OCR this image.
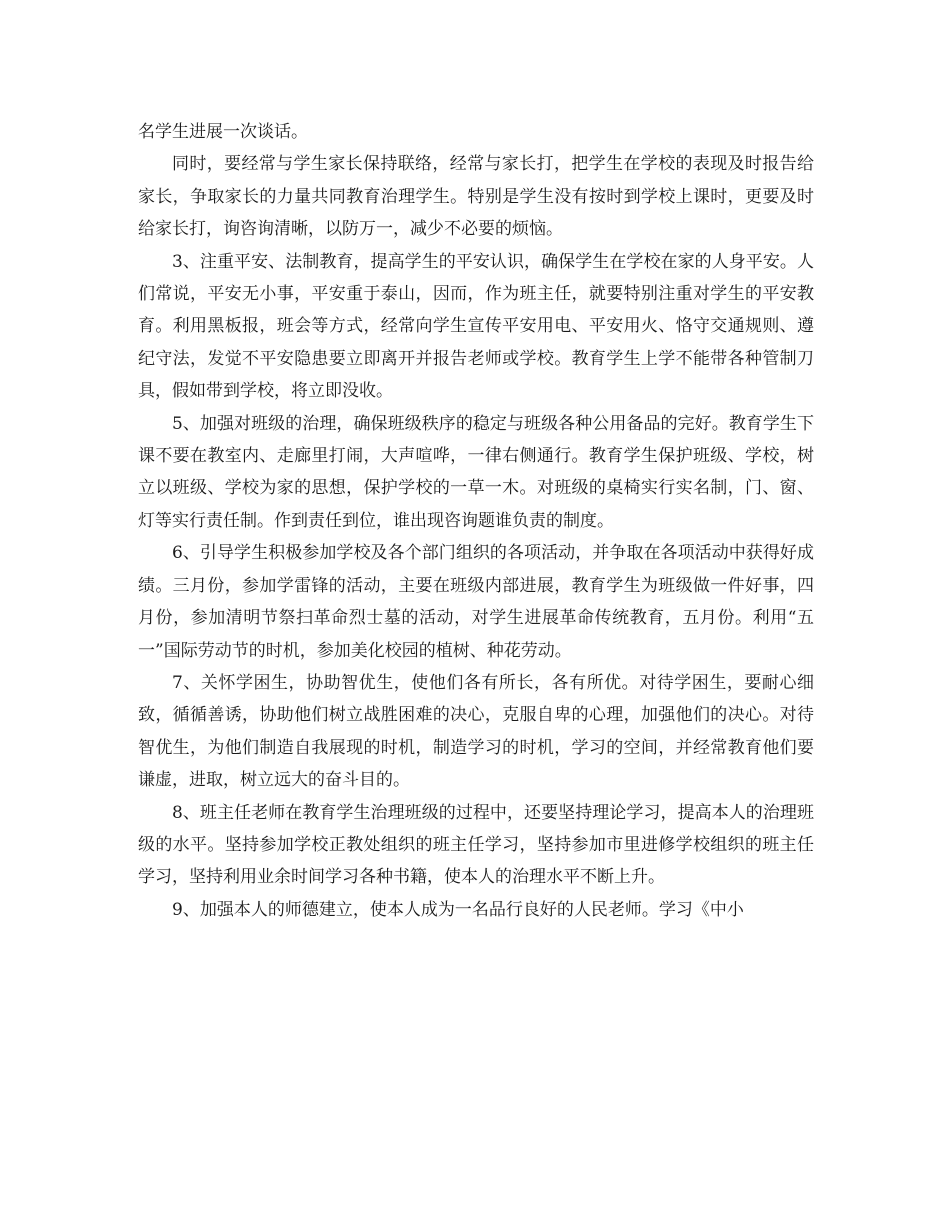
名学生进展一次谈话。

同时，要经常与学生家长保持联络，经常与家长打，把学生在学校的表现及时报告给家长，争取家长的力量共同教育治理学生。特别是学生没有按时到学校上课时，更要及时给家长打，询咨询清晰，以防万一，减少不必要的烦恼。

3、注重平安、法制教育，提高学生的平安认识，确保学生在学校在家的人身平安。人们常说，平安无小事，平安重于泰山，因而，作为班主任，就要特别注重对学生的平安教育。利用黑板报，班会等方式，经常向学生宣传平安用电、平安用火、恪守交通规则、遵纪守法，发觉不平安隐患要立即离开并报告老师或学校。教育学生上学不能带各种管制刀具，假如带到学校，将立即没收。

5、加强对班级的治理，确保班级秩序的稳定与班级各种公用备品的完好。教育学生下课不要在教室内、走廊里打闹，大声喧哗，一律右侧通行。教育学生保护班级、学校，树立以班级、学校为家的思想，保护学校的一草一木。对班级的桌椅实行实名制，门、窗、灯等实行责任制。作到责任到位，谁出现咨询题谁负责的制度。

6、引导学生积极参加学校及各个部门组织的各项活动，并争取在各项活动中获得好成绩。三月份，参加学雷锋的活动，主要在班级内部进展，教育学生为班级做一件好事，四月份，参加清明节祭扫革命烈士墓的活动，对学生进展革命传统教育，五月份。利用“五一”国际劳动节的时机，参加美化校园的植树、种花劳动。

7、关怀学困生，协助智优生，使他们各有所长，各有所优。对待学困生，要耐心细致，循循善诱，协助他们树立战胜困难的决心，克服自卑的心理，加强他们的决心。对待智优生，为他们制造自我展现的时机，制造学习的时机，学习的空间，并经常教育他们要谦虚，进取，树立远大的奋斗目的。

8、班主任老师在教育学生治理班级的过程中，还要坚持理论学习，提高本人的治理班级的水平。坚持参加学校正教处组织的班主任学习，坚持参加市里进修学校组织的班主任学习，坚持利用业余时间学习各种书籍，使本人的治理水平不断上升。

9、加强本人的师德建立，使本人成为一名品行良好的人民老师。学习《中小
